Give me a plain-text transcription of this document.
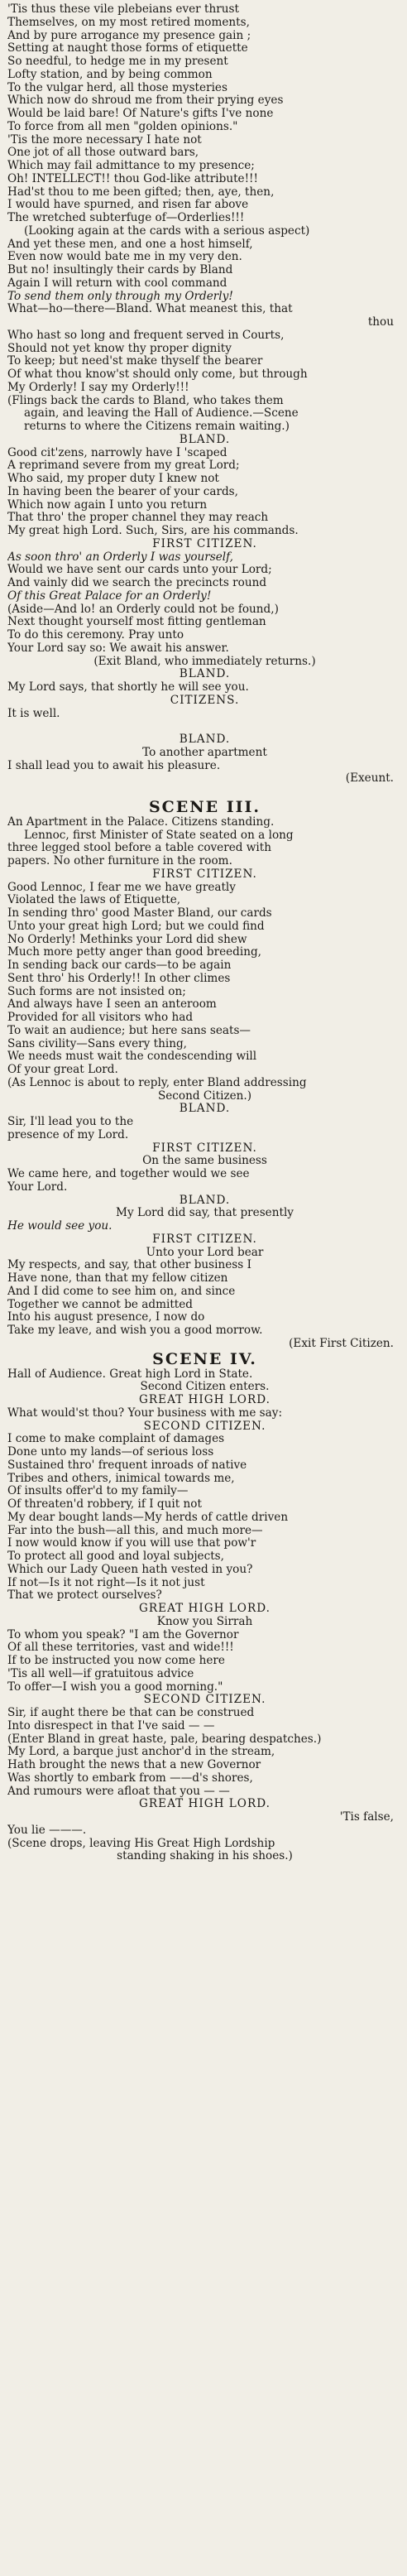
'Tis thus these vile plebeians ever thrust
Themselves, on my most retired moments,
And by pure arrogance my presence gain ;
Setting at naught those forms of etiquette
So needful, to hedge me in my present
Lofty station, and by being common
To the vulgar herd, all those mysteries
Which now do shroud me from their prying eyes
Would be laid bare! Of Nature's gifts I've none
To force from all men "golden opinions."
'Tis the more necessary I hate not
One jot of all those outward bars,
Which may fail admittance to my presence;
Oh! INTELLECT!! thou God-like attribute!!!
Had'st thou to me been gifted; then, aye, then,
I would have spurned, and risen far above
The wretched subterfuge of—Orderlies!!!
(Looking again at the cards with a serious aspect)
And yet these men, and one a host himself,
Even now would bate me in my very den.
But no! insultingly their cards by Bland
Again I will return with cool command
To send them only through my Orderly!
What—ho—there—Bland. What meanest this, that
thou
Who hast so long and frequent served in Courts,
Should not yet know thy proper dignity
To keep; but need'st make thyself the bearer
Of what thou know'st should only come, but through
My Orderly! I say my Orderly!!!
(Flings back the cards to Bland, who takes them
again, and leaving the Hall of Audience.—Scene
returns to where the Citizens remain waiting.)
BLAND.
Good cit'zens, narrowly have I 'scaped
A reprimand severe from my great Lord;
Who said, my proper duty I knew not
In having been the bearer of your cards,
Which now again I unto you return
That thro' the proper channel they may reach
My great high Lord. Such, Sirs, are his commands.
FIRST CITIZEN.
As soon thro' an Orderly I was yourself,
Would we have sent our cards unto your Lord;
And vainly did we search the precincts round
Of this Great Palace for an Orderly!
(Aside—And lo! an Orderly could not be found,)
Next thought yourself most fitting gentleman
To do this ceremony. Pray unto
Your Lord say so: We await his answer.
(Exit Bland, who immediately returns.)
BLAND.
My Lord says, that shortly he will see you.
CITIZENS.
It is well.
BLAND.
To another apartment
I shall lead you to await his pleasure.
(Exeunt.
SCENE III.
An Apartment in the Palace. Citizens standing.
Lennoc, first Minister of State seated on a long
three legged stool before a table covered with
papers. No other furniture in the room.
FIRST CITIZEN.
Good Lennoc, I fear me we have greatly
Violated the laws of Etiquette,
In sending thro' good Master Bland, our cards
Unto your great high Lord; but we could find
No Orderly! Methinks your Lord did shew
Much more petty anger than good breeding,
In sending back our cards—to be again
Sent thro' his Orderly!! In other climes
Such forms are not insisted on;
And always have I seen an anteroom
Provided for all visitors who had
To wait an audience; but here sans seats—
Sans civility—Sans every thing,
We needs must wait the condescending will
Of your great Lord.
(As Lennoc is about to reply, enter Bland addressing
Second Citizen.)
BLAND.
Sir, I'll lead you to the
presence of my Lord.
FIRST CITIZEN.
On the same business
We came here, and together would we see
Your Lord.
BLAND.
My Lord did say, that presently
He would see you.
FIRST CITIZEN.
Unto your Lord bear
My respects, and say, that other business I
Have none, than that my fellow citizen
And I did come to see him on, and since
Together we cannot be admitted
Into his august presence, I now do
Take my leave, and wish you a good morrow.
(Exit First Citizen.
SCENE IV.
Hall of Audience. Great high Lord in State.
Second Citizen enters.
GREAT HIGH LORD.
What would'st thou? Your business with me say:
SECOND CITIZEN.
I come to make complaint of damages
Done unto my lands—of serious loss
Sustained thro' frequent inroads of native
Tribes and others, inimical towards me,
Of insults offer'd to my family—
Of threaten'd robbery, if I quit not
My dear bought lands—My herds of cattle driven
Far into the bush—all this, and much more—
I now would know if you will use that pow'r
To protect all good and loyal subjects,
Which our Lady Queen hath vested in you?
If not—Is it not right—Is it not just
That we protect ourselves?
GREAT HIGH LORD.
Know you Sirrah
To whom you speak? "I am the Governor
Of all these territories, vast and wide!!!
If to be instructed you now come here
'Tis all well—if gratuitous advice
To offer—I wish you a good morning."
SECOND CITIZEN.
Sir, if aught there be that can be construed
Into disrespect in that I've said — —
(Enter Bland in great haste, pale, bearing despatches.)
My Lord, a barque just anchor'd in the stream,
Hath brought the news that a new Governor
Was shortly to embark from ——d's shores,
And rumours were afloat that you — —
GREAT HIGH LORD.
'Tis false,
You lie ———.
(Scene drops, leaving His Great High Lordship
standing shaking in his shoes.)
